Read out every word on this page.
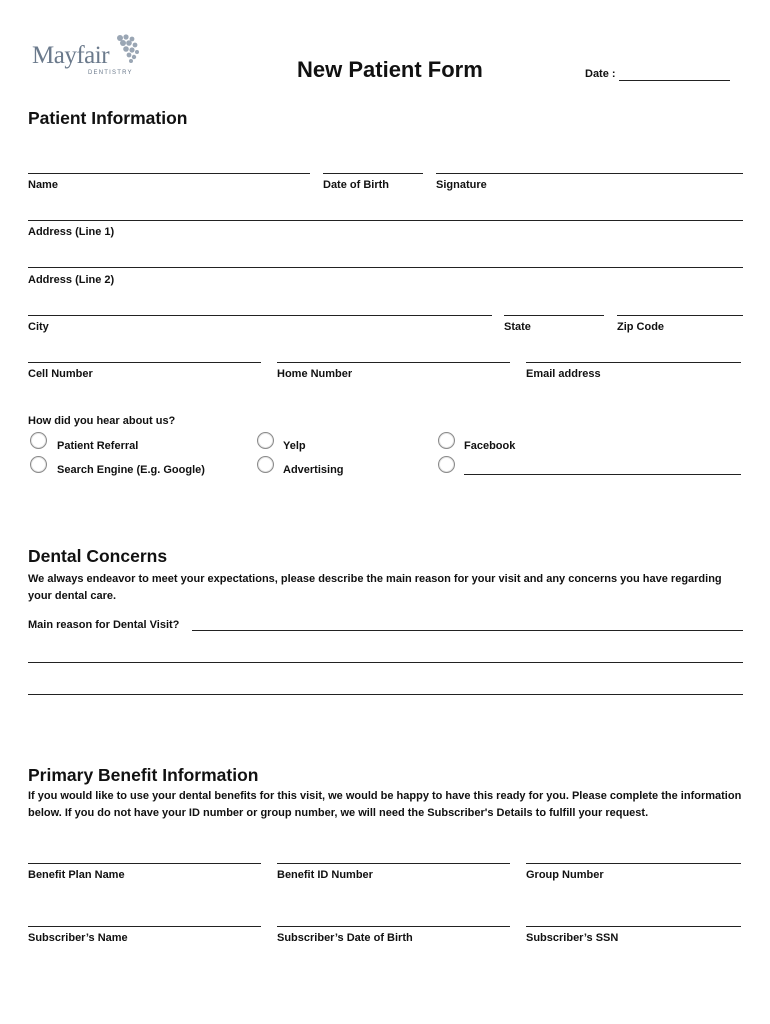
Mayfair
DENTISTRY	New Patient Form	Date :
Patient Information
Name	Date of Birth	Signature
Address (Line 1)
Address (Line 2)
City	State	Zip Code
Cell Number	Home Number	Email address
How did you hear about us?
Patient Referral	Yelp	Facebook
Search Engine (E.g. Google)	Advertising
Dental Concerns
We always endeavor to meet your expectations, please describe the main reason for your visit and any concerns you have regarding your dental care.
Main reason for Dental Visit?
Primary Benefit Information
If you would like to use your dental benefits for this visit, we would be happy to have this ready for you. Please complete the information below. If you do not have your ID number or group number, we will need the Subscriber's Details to fulfill your request.
Benefit Plan Name	Benefit ID Number	Group Number
Subscriber’s Name	Subscriber’s Date of Birth	Subscriber’s SSN
